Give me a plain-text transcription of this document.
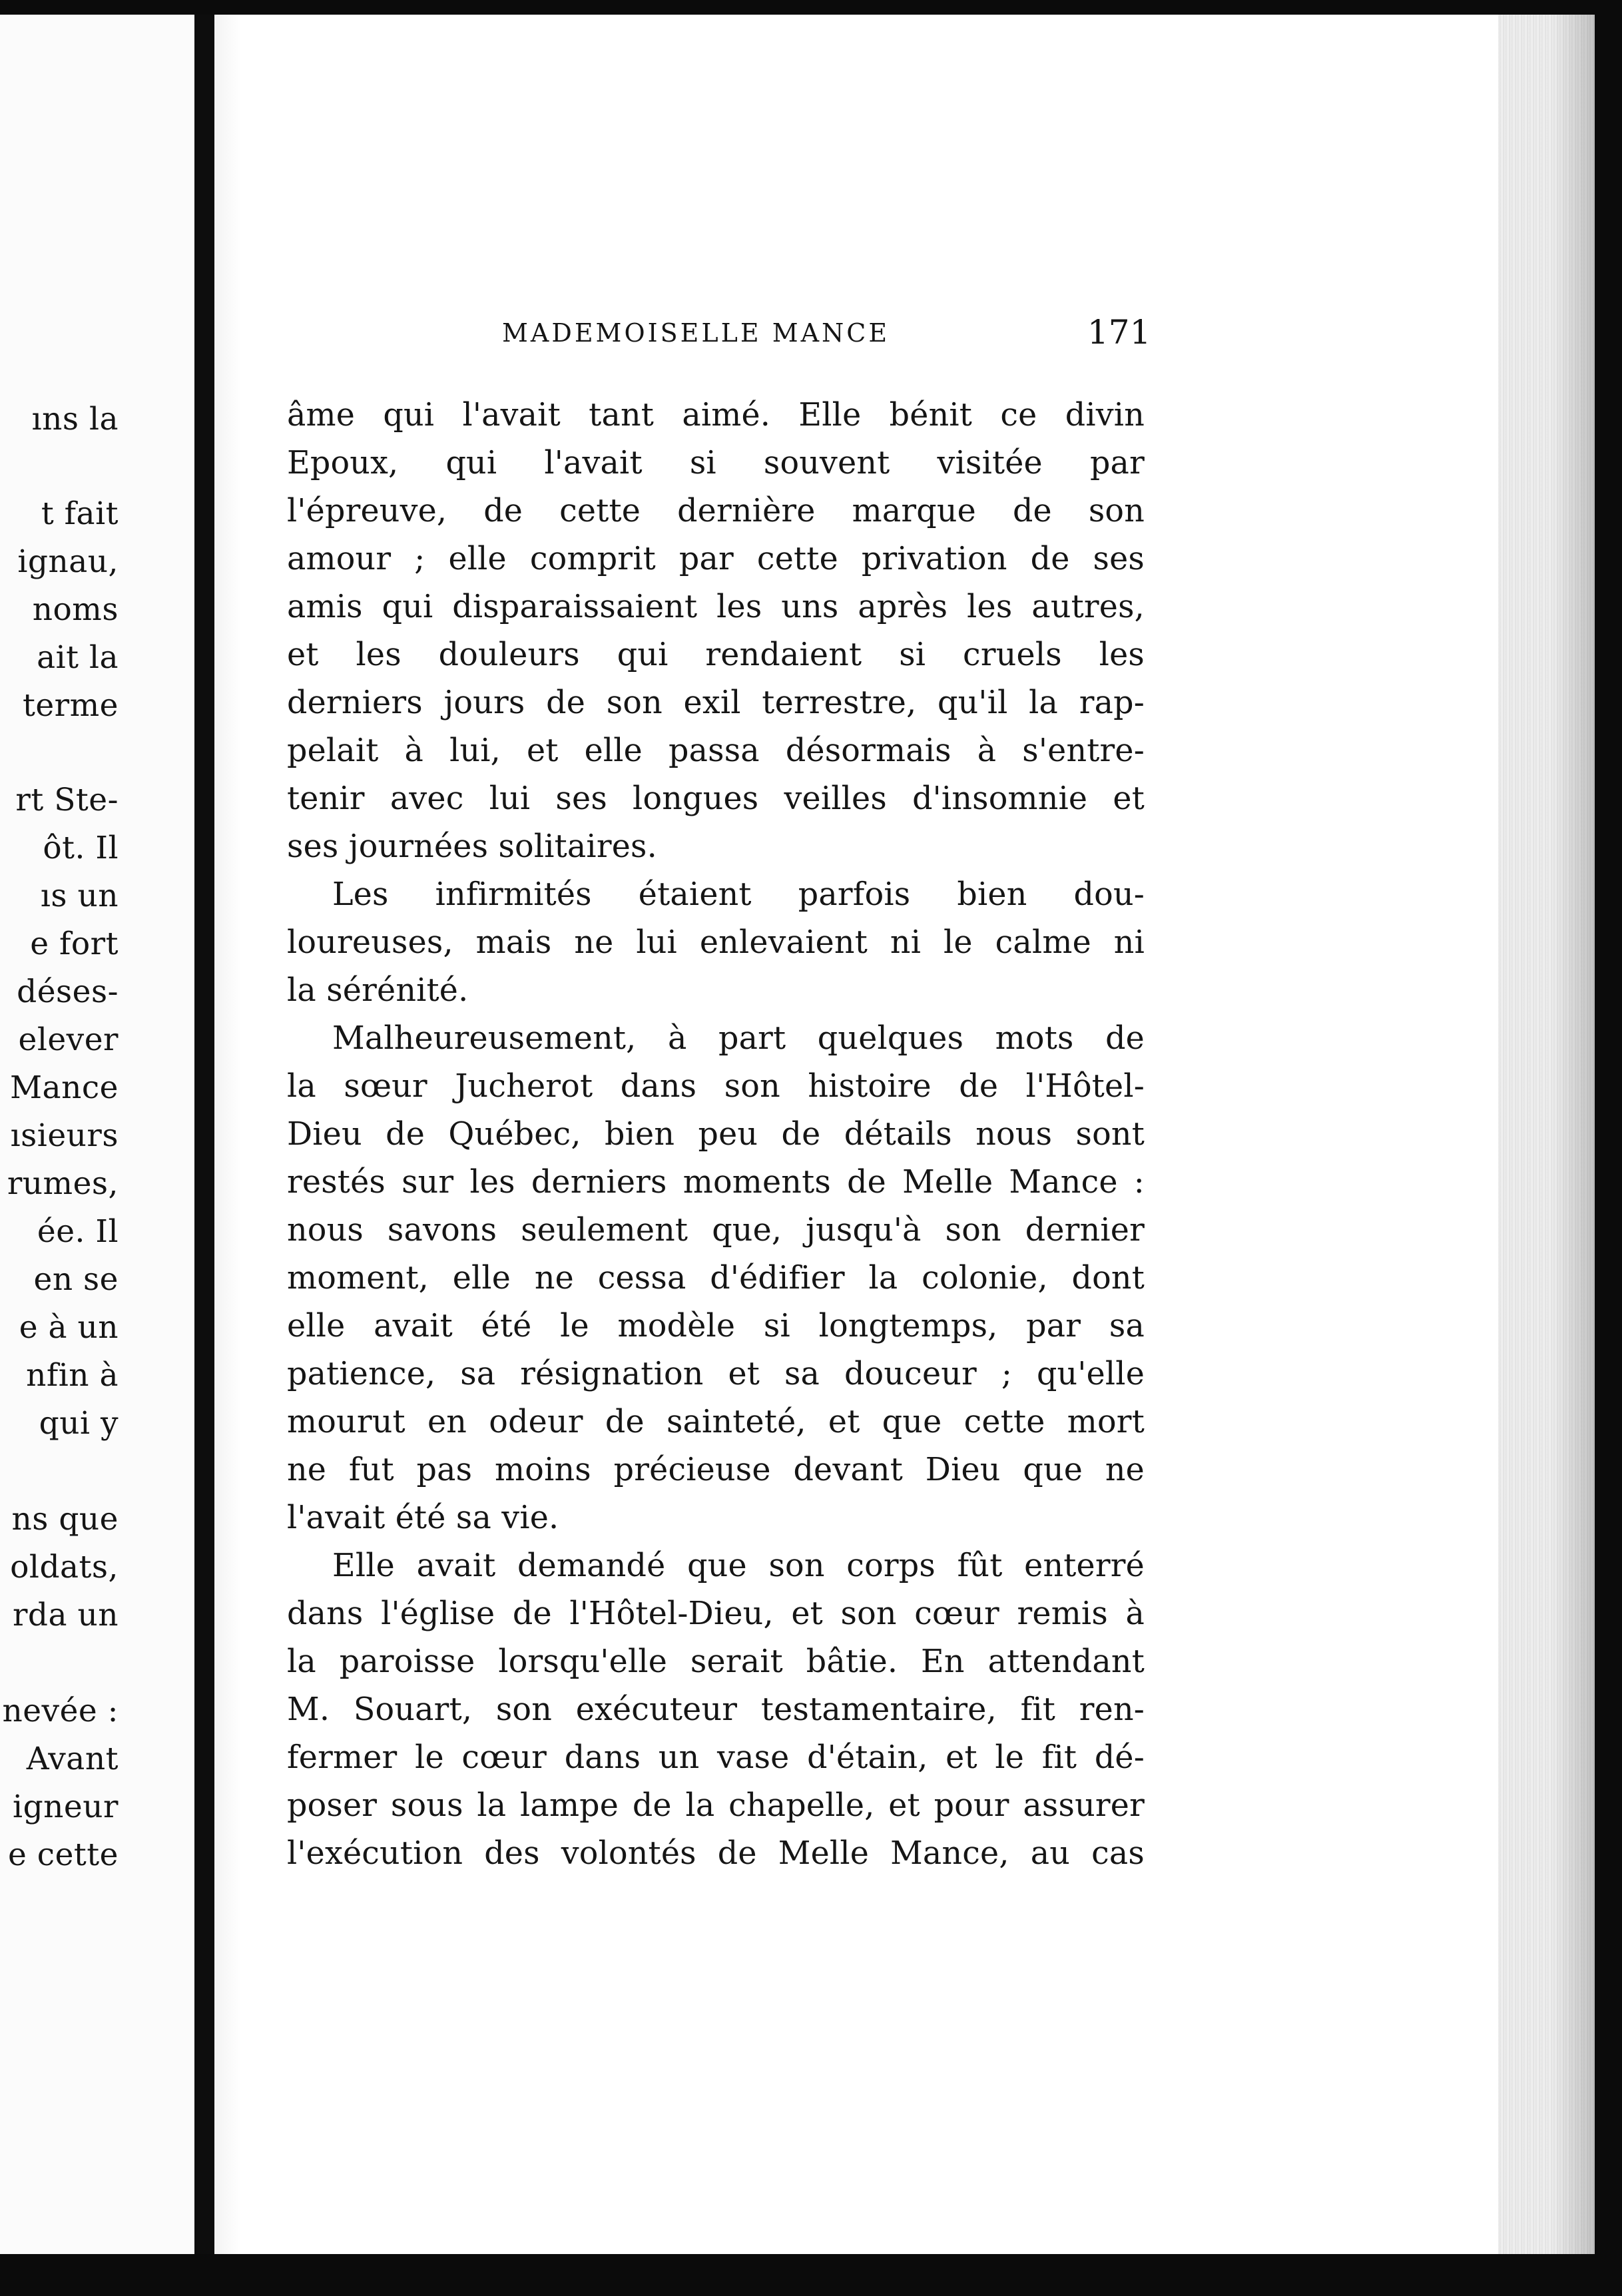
ıns la
t fait
ignau,
noms
ait la
terme
rt Ste-
ôt. Il
ıs un
e fort
déses-
elever
Mance
ısieurs
rumes,
ée. Il
en se
e à un
nfin à
qui y
ns que
oldats,
rda un
nevée :
Avant
igneur
e cette
MADEMOISELLE MANCE	171
âme qui l'avait tant aimé. Elle bénit ce divin
Epoux, qui l'avait si souvent visitée par
l'épreuve, de cette dernière marque de son
amour ; elle comprit par cette privation de ses
amis qui disparaissaient les uns après les autres,
et les douleurs qui rendaient si cruels les
derniers jours de son exil terrestre, qu'il la rap-
pelait à lui, et elle passa désormais à s'entre-
tenir avec lui ses longues veilles d'insomnie et
ses journées solitaires.
Les infirmités étaient parfois bien dou-
loureuses, mais ne lui enlevaient ni le calme ni
la sérénité.
Malheureusement, à part quelques mots de
la sœur Jucherot dans son histoire de l'Hôtel-
Dieu de Québec, bien peu de détails nous sont
restés sur les derniers moments de Melle Mance :
nous savons seulement que, jusqu'à son dernier
moment, elle ne cessa d'édifier la colonie, dont
elle avait été le modèle si longtemps, par sa
patience, sa résignation et sa douceur ; qu'elle
mourut en odeur de sainteté, et que cette mort
ne fut pas moins précieuse devant Dieu que ne
l'avait été sa vie.
Elle avait demandé que son corps fût enterré
dans l'église de l'Hôtel-Dieu, et son cœur remis à
la paroisse lorsqu'elle serait bâtie. En attendant
M. Souart, son exécuteur testamentaire, fit ren-
fermer le cœur dans un vase d'étain, et le fit dé-
poser sous la lampe de la chapelle, et pour assurer
l'exécution des volontés de Melle Mance, au cas
